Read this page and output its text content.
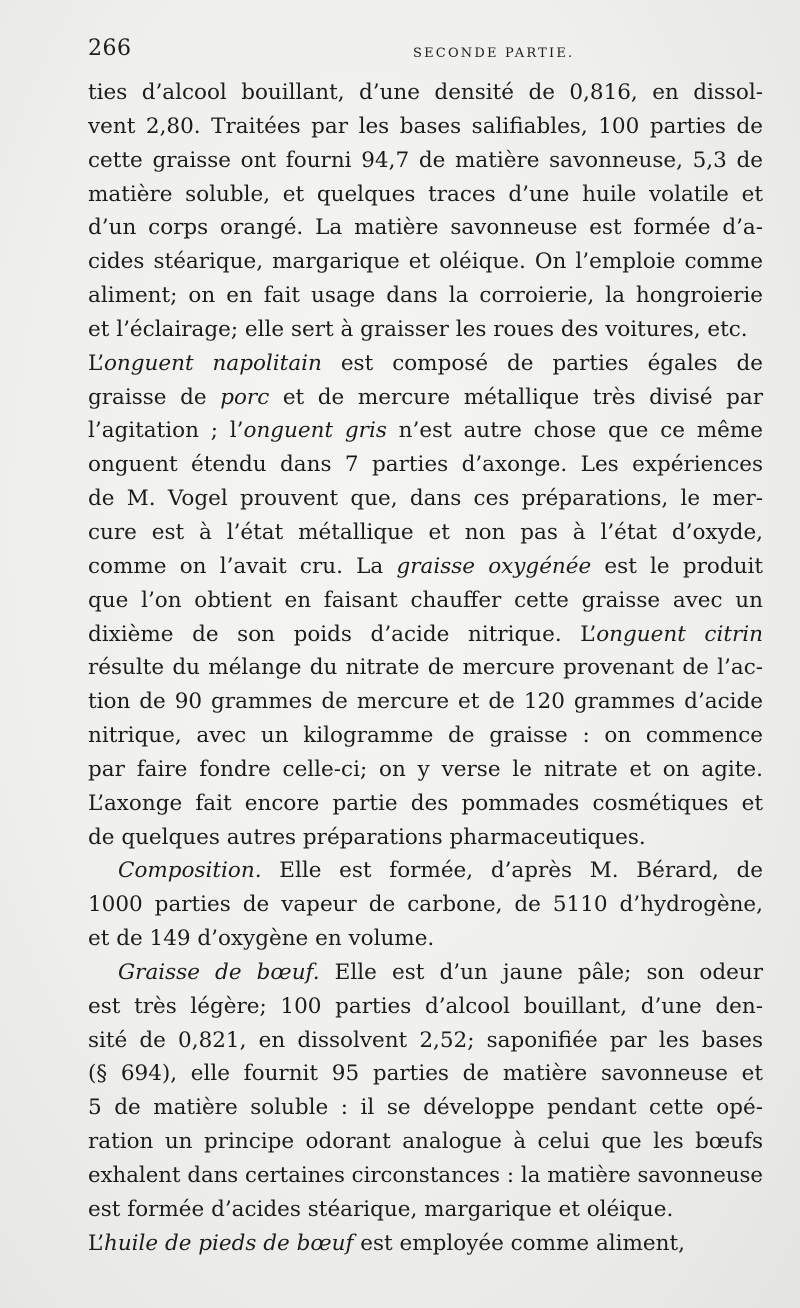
266	SECONDE PARTIE.
ties d’alcool bouillant, d’une densité de 0,816, en dissol-
vent 2,80. Traitées par les bases salifiables, 100 parties de
cette graisse ont fourni 94,7 de matière savonneuse, 5,3 de
matière soluble, et quelques traces d’une huile volatile et
d’un corps orangé. La matière savonneuse est formée d’a-
cides stéarique, margarique et oléique. On l’emploie comme
aliment; on en fait usage dans la corroierie, la hongroierie
et l’éclairage; elle sert à graisser les roues des voitures, etc.
L’onguent napolitain est composé de parties égales de
graisse de porc et de mercure métallique très divisé par
l’agitation ; l’onguent gris n’est autre chose que ce même
onguent étendu dans 7 parties d’axonge. Les expériences
de M. Vogel prouvent que, dans ces préparations, le mer-
cure est à l’état métallique et non pas à l’état d’oxyde,
comme on l’avait cru. La graisse oxygénée est le produit
que l’on obtient en faisant chauffer cette graisse avec un
dixième de son poids d’acide nitrique. L’onguent citrin
résulte du mélange du nitrate de mercure provenant de l’ac-
tion de 90 grammes de mercure et de 120 grammes d’acide
nitrique, avec un kilogramme de graisse : on commence
par faire fondre celle-ci; on y verse le nitrate et on agite.
L’axonge fait encore partie des pommades cosmétiques et
de quelques autres préparations pharmaceutiques.
Composition. Elle est formée, d’après M. Bérard, de
1000 parties de vapeur de carbone, de 5110 d’hydrogène,
et de 149 d’oxygène en volume.
Graisse de bœuf. Elle est d’un jaune pâle; son odeur
est très légère; 100 parties d’alcool bouillant, d’une den-
sité de 0,821, en dissolvent 2,52; saponifiée par les bases
(§ 694), elle fournit 95 parties de matière savonneuse et
5 de matière soluble : il se développe pendant cette opé-
ration un principe odorant analogue à celui que les bœufs
exhalent dans certaines circonstances : la matière savonneuse
est formée d’acides stéarique, margarique et oléique.
L’huile de pieds de bœuf est employée comme aliment,
